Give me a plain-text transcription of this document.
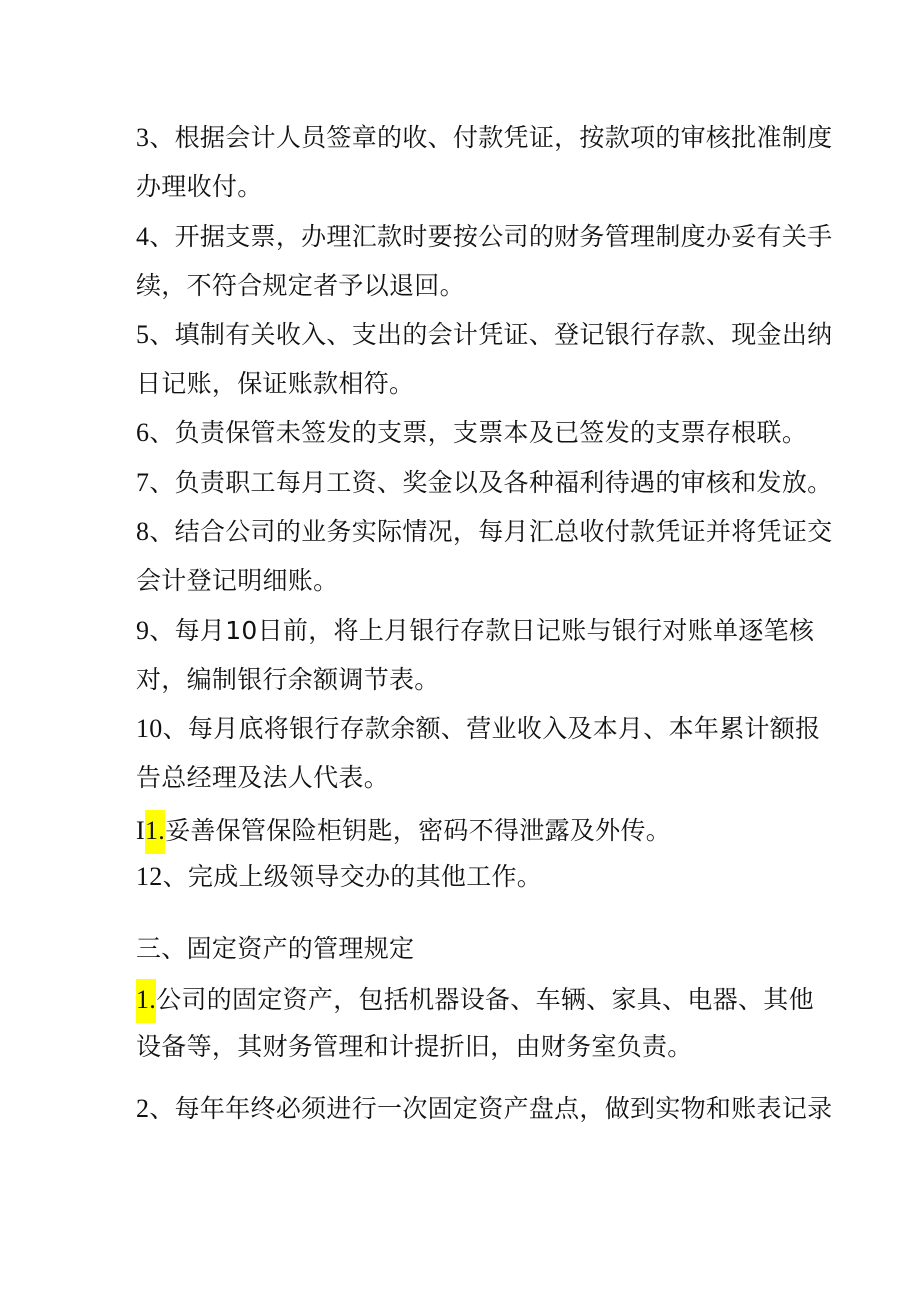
3、根据会计人员签章的收、付款凭证，按款项的审核批准制度
办理收付。
4、开据支票，办理汇款时要按公司的财务管理制度办妥有关手
续，不符合规定者予以退回。
5、填制有关收入、支出的会计凭证、登记银行存款、现金出纳
日记账，保证账款相符。
6、负责保管未签发的支票，支票本及已签发的支票存根联。
7、负责职工每月工资、奖金以及各种福利待遇的审核和发放。
8、结合公司的业务实际情况，每月汇总收付款凭证并将凭证交
会计登记明细账。
9、每月10日前，将上月银行存款日记账与银行对账单逐笔核
对，编制银行余额调节表。
10、每月底将银行存款余额、营业收入及本月、本年累计额报
告总经理及法人代表。
I1.妥善保管保险柜钥匙，密码不得泄露及外传。
12、完成上级领导交办的其他工作。
三、固定资产的管理规定
1.公司的固定资产，包括机器设备、车辆、家具、电器、其他
设备等，其财务管理和计提折旧，由财务室负责。
2、每年年终必须进行一次固定资产盘点，做到实物和账表记录
